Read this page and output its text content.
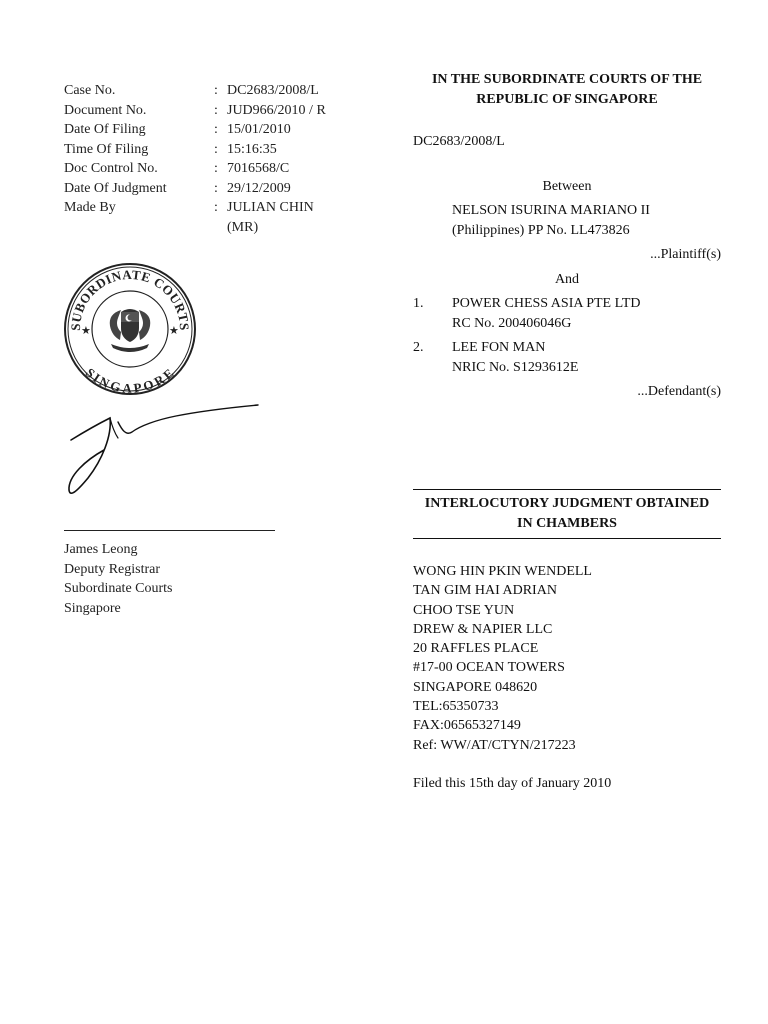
Case No.	: DC2683/2008/L
Document No.	: JUD966/2010 / R
Date Of Filing	: 15/01/2010
Time Of Filing	: 15:16:35
Doc Control No.	: 7016568/C
Date Of Judgment	: 29/12/2009
Made By	: JULIAN CHIN
(MR)
SUBORDINATE COURTS
SINGAPORE
★	★
James Leong
Deputy Registrar
Subordinate Courts
Singapore
IN THE SUBORDINATE COURTS OF THE
REPUBLIC OF SINGAPORE
DC2683/2008/L
Between
NELSON ISURINA MARIANO II
(Philippines) PP No. LL473826
...Plaintiff(s)
And
1. POWER CHESS ASIA PTE LTD
RC No. 200406046G
2. LEE FON MAN
NRIC No. S1293612E
...Defendant(s)
INTERLOCUTORY JUDGMENT OBTAINED
IN CHAMBERS
WONG HIN PKIN WENDELL
TAN GIM HAI ADRIAN
CHOO TSE YUN
DREW & NAPIER LLC
20 RAFFLES PLACE
#17-00 OCEAN TOWERS
SINGAPORE 048620
TEL:65350733
FAX:06565327149
Ref: WW/AT/CTYN/217223
Filed this 15th day of January 2010
